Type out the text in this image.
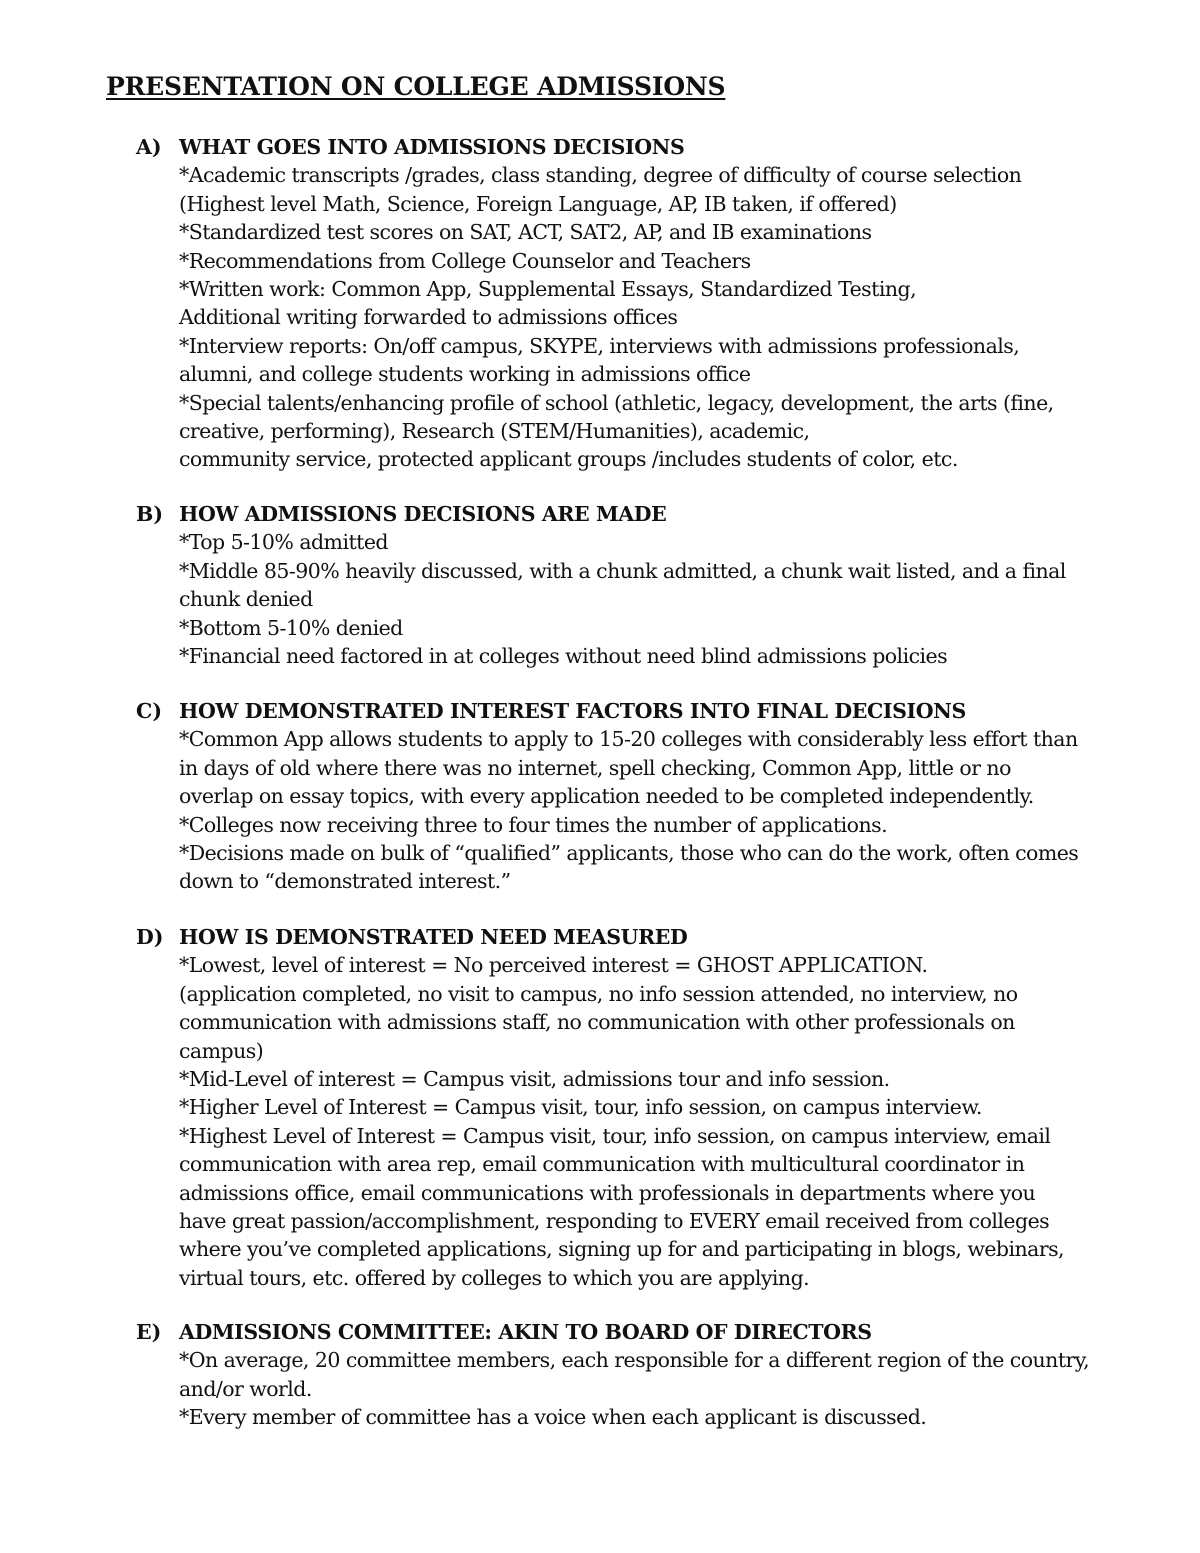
PRESENTATION ON COLLEGE ADMISSIONS
A) WHAT GOES INTO ADMISSIONS DECISIONS
*Academic transcripts /grades, class standing, degree of difficulty of course selection
(Highest level Math, Science, Foreign Language, AP, IB taken, if offered)
*Standardized test scores on SAT, ACT, SAT2, AP, and IB examinations
*Recommendations from College Counselor and Teachers
*Written work: Common App, Supplemental Essays, Standardized Testing,
Additional writing forwarded to admissions offices
*Interview reports: On/off campus, SKYPE, interviews with admissions professionals,
alumni, and college students working in admissions office
*Special talents/enhancing profile of school (athletic, legacy, development, the arts (fine,
creative, performing), Research (STEM/Humanities), academic,
community service, protected applicant groups /includes students of color, etc.
B) HOW ADMISSIONS DECISIONS ARE MADE
*Top 5-10% admitted
*Middle 85-90% heavily discussed, with a chunk admitted, a chunk wait listed, and a final
chunk denied
*Bottom 5-10% denied
*Financial need factored in at colleges without need blind admissions policies
C) HOW DEMONSTRATED INTEREST FACTORS INTO FINAL DECISIONS
*Common App allows students to apply to 15-20 colleges with considerably less effort than
in days of old where there was no internet, spell checking, Common App, little or no
overlap on essay topics, with every application needed to be completed independently.
*Colleges now receiving three to four times the number of applications.
*Decisions made on bulk of “qualified” applicants, those who can do the work, often comes
down to “demonstrated interest.”
D) HOW IS DEMONSTRATED NEED MEASURED
*Lowest, level of interest = No perceived interest = GHOST APPLICATION.
(application completed, no visit to campus, no info session attended, no interview, no
communication with admissions staff, no communication with other professionals on
campus)
*Mid-Level of interest = Campus visit, admissions tour and info session.
*Higher Level of Interest = Campus visit, tour, info session, on campus interview.
*Highest Level of Interest = Campus visit, tour, info session, on campus interview, email
communication with area rep, email communication with multicultural coordinator in
admissions office, email communications with professionals in departments where you
have great passion/accomplishment, responding to EVERY email received from colleges
where you’ve completed applications, signing up for and participating in blogs, webinars,
virtual tours, etc. offered by colleges to which you are applying.
E) ADMISSIONS COMMITTEE: AKIN TO BOARD OF DIRECTORS
*On average, 20 committee members, each responsible for a different region of the country,
and/or world.
*Every member of committee has a voice when each applicant is discussed.
